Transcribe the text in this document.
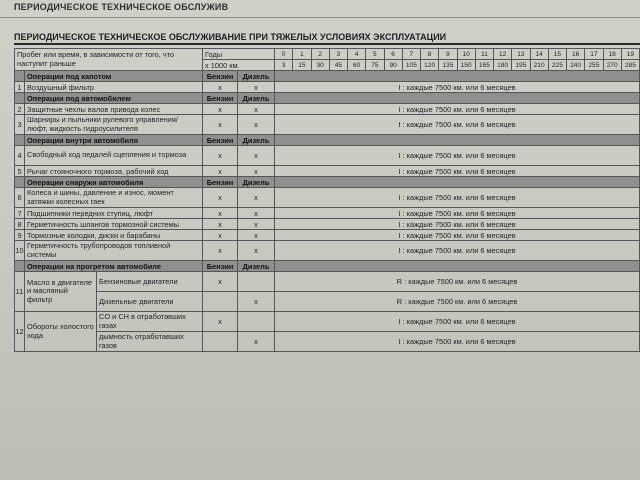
ПЕРИОДИЧЕСКОЕ ТЕХНИЧЕСКОЕ ОБСЛУЖИВ
ПЕРИОДИЧЕСКОЕ ТЕХНИЧЕСКОЕ ОБСЛУЖИВАНИЕ ПРИ ТЯЖЕЛЫХ УСЛОВИЯХ ЭКСПЛУАТАЦИИ
Пробег или время, в зависимости от того, что наступит раньше			Годы		0	1	2	3	4	5	6	7	8	9	10	11	12	13	14	15	16	17	18	19
			х 1000 км.		3	15	30	45	60	75	90	105	120	135	150	165	180	195	210	225	240	255	270	285
	Операции под капотом		Бензин	Дизель																				
1	Воздушный фильтр		x	x	I : каждые 7500 км. или 6 месяцев																			
	Операции под автомобилем		Бензин	Дизель																				
2	Защитные чехлы валов привода колес		x	x	I : каждые 7500 км. или 6 месяцев																			
3	Шарниры и пыльники рулевого управления/ люфт, жидкость гидроусилителя		x	x	I : каждые 7500 км. или 6 месяцев																			
	Операции внутри автомобиля		Бензин	Дизель																				
4	Свободный ход педалей сцепления и тормоза		x	x	I : каждые 7500 км. или 6 месяцев																			
5	Рычаг стояночного тормоза, рабочий ход		x	x	I : каждые 7500 км. или 6 месяцев																			
	Операции снаружи автомобиля		Бензин	Дизель																				
6	Колеса и шины, давление и износ, момент затяжки колесных гаек		x	x	I : каждые 7500 км. или 6 месяцев																			
7	Подшипники передних ступиц, люфт		x	x	I : каждые 7500 км. или 6 месяцев																			
8	Герметичность шлангов тормозной системы		x	x	I : каждые 7500 км. или 6 месяцев																			
9	Тормозные колодки, диски и барабаны		x	x	I : каждые 7500 км. или 6 месяцев																			
10	Герметичность трубопроводов топливной системы		x	x	I : каждые 7500 км. или 6 месяцев																			
	Операции на прогретом автомобиле		Бензин	Дизель																				
11	Масло в двигателе и масляный фильтр	Бензиновые двигатели	x		R : каждые 7500 км. или 6 месяцев																			
		Дизельные двигатели		x	R : каждые 7500 км. или 6 месяцев																			
12	Обороты холостого хода	CO и CH в отработавших газах	x		I : каждые 7500 км. или 6 месяцев																			
		дымность отработавших газов		x	I : каждые 7500 км. или 6 месяцев																			
